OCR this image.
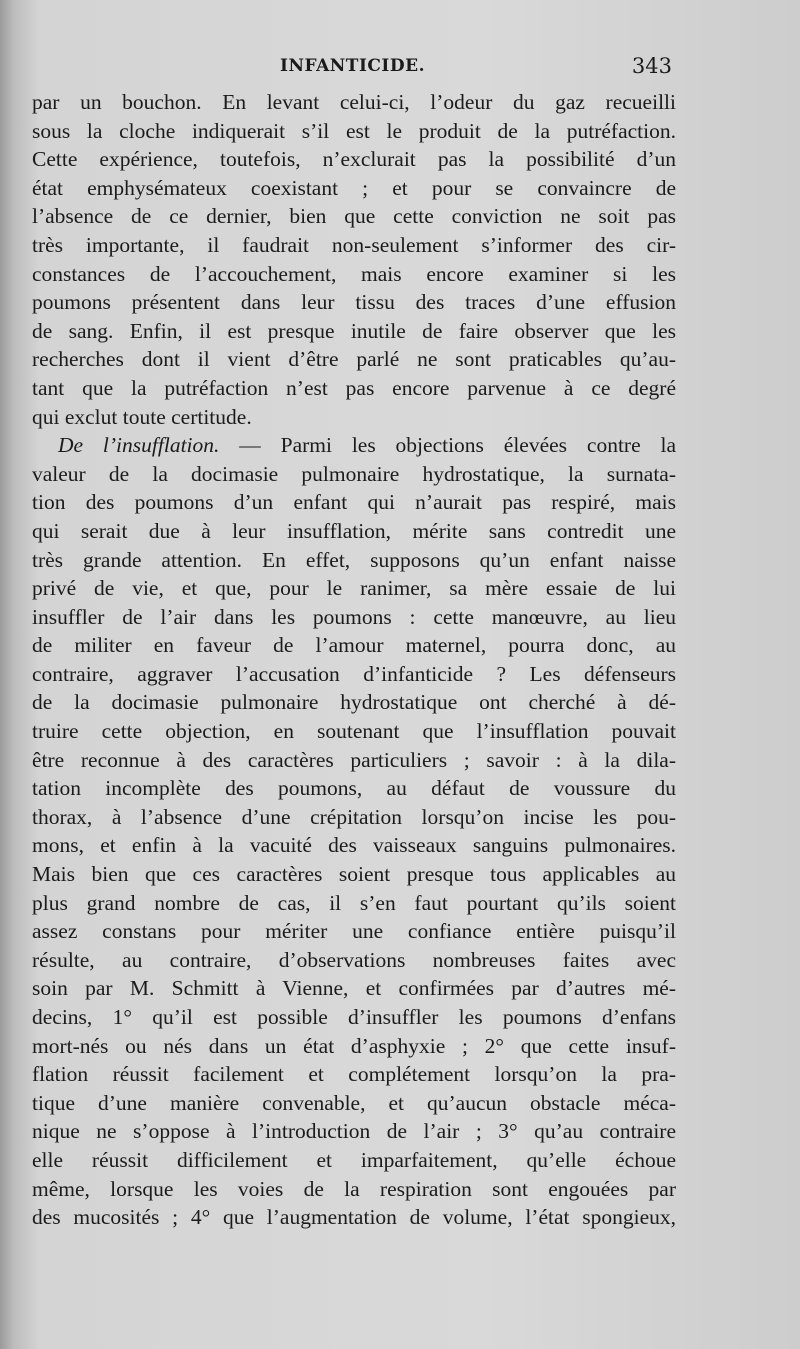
INFANTICIDE.	343
par un bouchon. En levant celui-ci, l’odeur du gaz recueilli
sous la cloche indiquerait s’il est le produit de la putréfaction.
Cette expérience, toutefois, n’exclurait pas la possibilité d’un
état emphysémateux coexistant ; et pour se convaincre de
l’absence de ce dernier, bien que cette conviction ne soit pas
très importante, il faudrait non-seulement s’informer des cir-
constances de l’accouchement, mais encore examiner si les
poumons présentent dans leur tissu des traces d’une effusion
de sang. Enfin, il est presque inutile de faire observer que les
recherches dont il vient d’être parlé ne sont praticables qu’au-
tant que la putréfaction n’est pas encore parvenue à ce degré
qui exclut toute certitude.
De l’insufflation. — Parmi les objections élevées contre la
valeur de la docimasie pulmonaire hydrostatique, la surnata-
tion des poumons d’un enfant qui n’aurait pas respiré, mais
qui serait due à leur insufflation, mérite sans contredit une
très grande attention. En effet, supposons qu’un enfant naisse
privé de vie, et que, pour le ranimer, sa mère essaie de lui
insuffler de l’air dans les poumons : cette manœuvre, au lieu
de militer en faveur de l’amour maternel, pourra donc, au
contraire, aggraver l’accusation d’infanticide ? Les défenseurs
de la docimasie pulmonaire hydrostatique ont cherché à dé-
truire cette objection, en soutenant que l’insufflation pouvait
être reconnue à des caractères particuliers ; savoir : à la dila-
tation incomplète des poumons, au défaut de voussure du
thorax, à l’absence d’une crépitation lorsqu’on incise les pou-
mons, et enfin à la vacuité des vaisseaux sanguins pulmonaires.
Mais bien que ces caractères soient presque tous applicables au
plus grand nombre de cas, il s’en faut pourtant qu’ils soient
assez constans pour mériter une confiance entière puisqu’il
résulte, au contraire, d’observations nombreuses faites avec
soin par M. Schmitt à Vienne, et confirmées par d’autres mé-
decins, 1° qu’il est possible d’insuffler les poumons d’enfans
mort-nés ou nés dans un état d’asphyxie ; 2° que cette insuf-
flation réussit facilement et complétement lorsqu’on la pra-
tique d’une manière convenable, et qu’aucun obstacle méca-
nique ne s’oppose à l’introduction de l’air ; 3° qu’au contraire
elle réussit difficilement et imparfaitement, qu’elle échoue
même, lorsque les voies de la respiration sont engouées par
des mucosités ; 4° que l’augmentation de volume, l’état spongieux,
